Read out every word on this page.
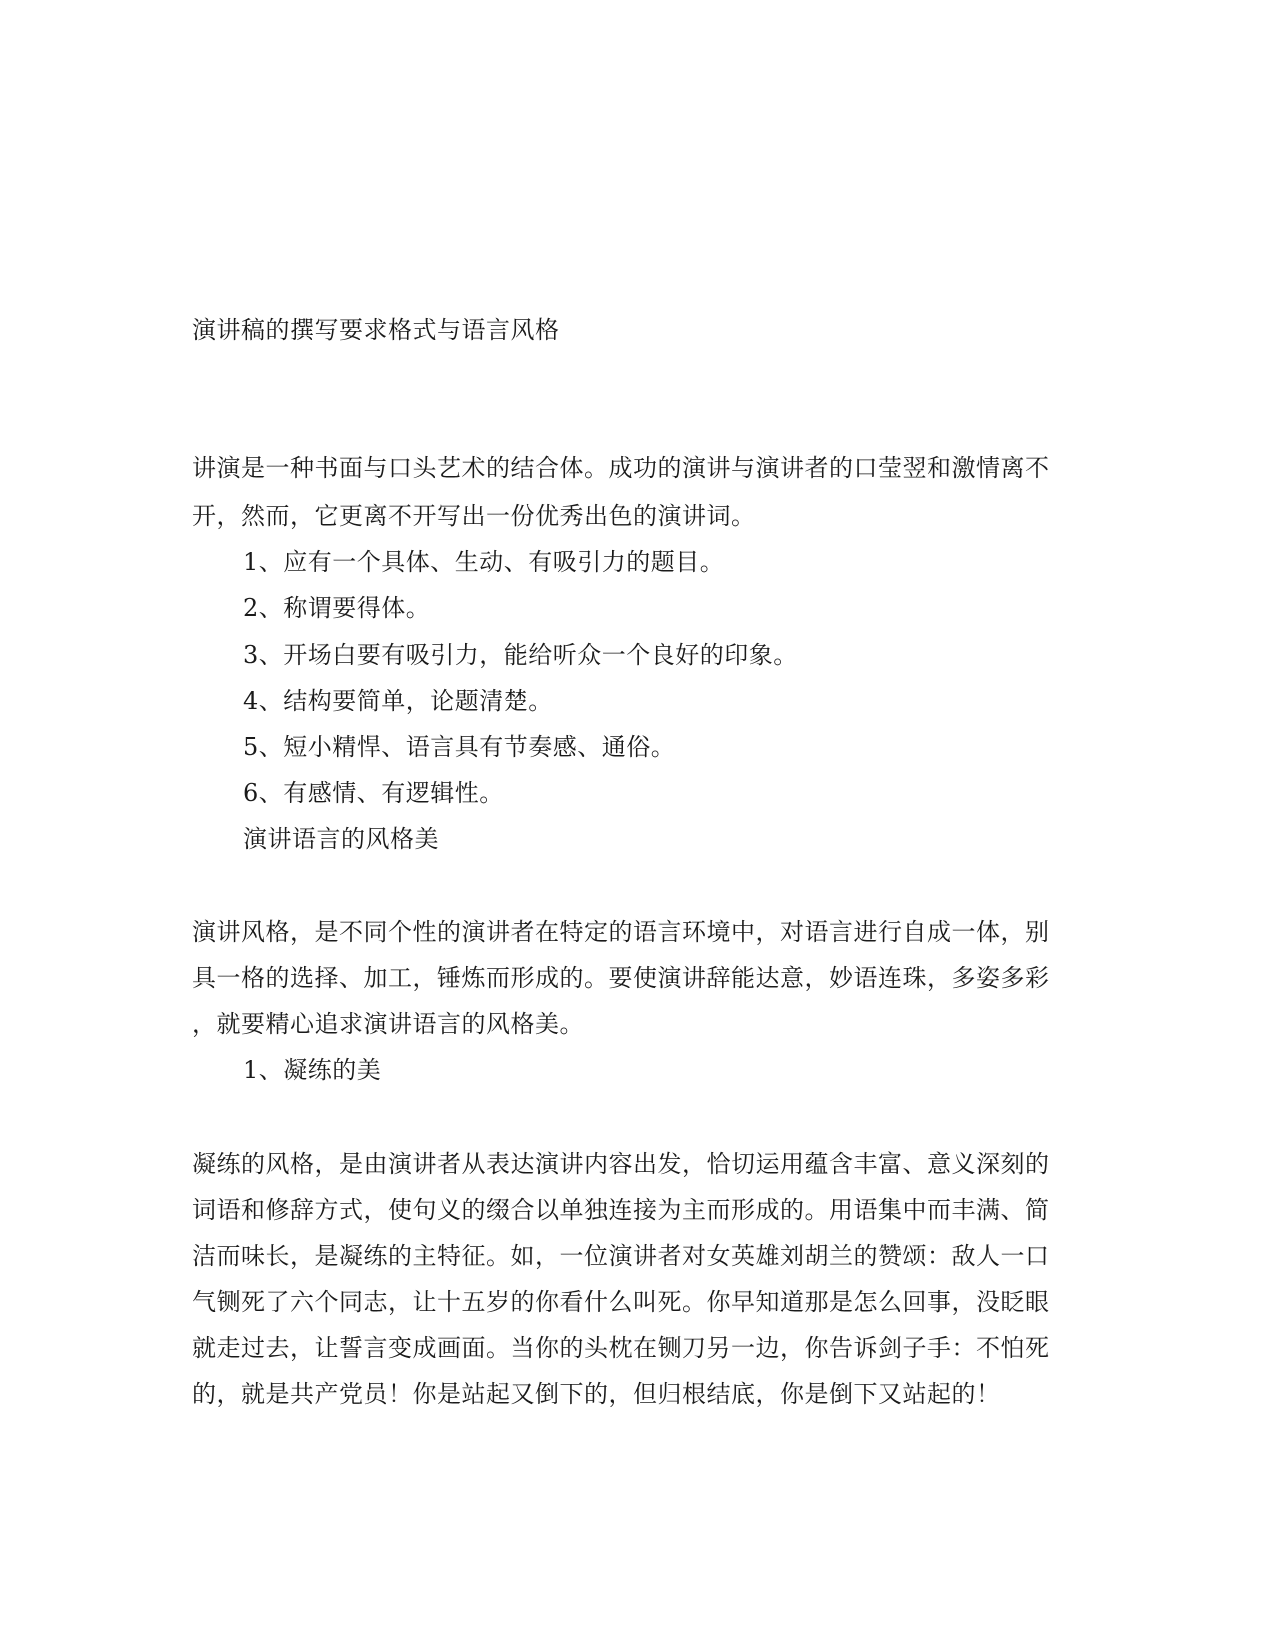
演讲稿的撰写要求格式与语言风格
讲演是一种书面与口头艺术的结合体。成功的演讲与演讲者的口莹翌和激情离不
开，然而，它更离不开写出一份优秀出色的演讲词。
1、应有一个具体、生动、有吸引力的题目。
2、称谓要得体。
3、开场白要有吸引力，能给听众一个良好的印象。
4、结构要简单，论题清楚。
5、短小精悍、语言具有节奏感、通俗。
6、有感情、有逻辑性。
演讲语言的风格美
演讲风格，是不同个性的演讲者在特定的语言环境中，对语言进行自成一体，别
具一格的选择、加工，锤炼而形成的。要使演讲辞能达意，妙语连珠，多姿多彩
，就要精心追求演讲语言的风格美。
1、凝练的美
凝练的风格，是由演讲者从表达演讲内容出发，恰切运用蕴含丰富、意义深刻的
词语和修辞方式，使句义的缀合以单独连接为主而形成的。用语集中而丰满、简
洁而味长，是凝练的主特征。如，一位演讲者对女英雄刘胡兰的赞颂：敌人一口
气铡死了六个同志，让十五岁的你看什么叫死。你早知道那是怎么回事，没眨眼
就走过去，让誓言变成画面。当你的头枕在铡刀另一边，你告诉剑子手：不怕死
的，就是共产党员！你是站起又倒下的，但归根结底，你是倒下又站起的！
